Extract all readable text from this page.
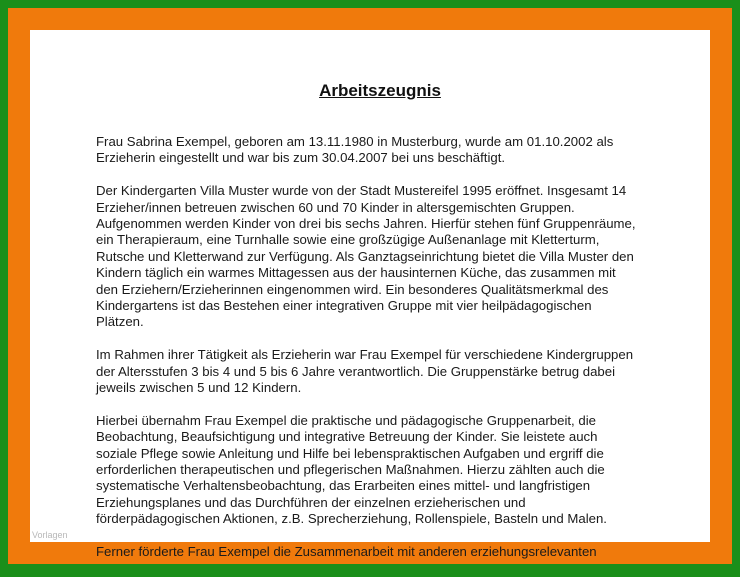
Arbeitszeugnis

Frau Sabrina Exempel, geboren am 13.11.1980 in Musterburg, wurde am 01.10.2002 als
Erzieherin eingestellt und war bis zum 30.04.2007 bei uns beschäftigt.

Der Kindergarten Villa Muster wurde von der Stadt Mustereifel 1995 eröffnet. Insgesamt 14
Erzieher/innen betreuen zwischen 60 und 70 Kinder in altersgemischten Gruppen.
Aufgenommen werden Kinder von drei bis sechs Jahren. Hierfür stehen fünf Gruppenräume,
ein Therapieraum, eine Turnhalle sowie eine großzügige Außenanlage mit Kletterturm,
Rutsche und Kletterwand zur Verfügung. Als Ganztagseinrichtung bietet die Villa Muster den
Kindern täglich ein warmes Mittagessen aus der hausinternen Küche, das zusammen mit
den Erziehern/Erzieherinnen eingenommen wird. Ein besonderes Qualitätsmerkmal des
Kindergartens ist das Bestehen einer integrativen Gruppe mit vier heilpädagogischen
Plätzen.

Im Rahmen ihrer Tätigkeit als Erzieherin war Frau Exempel für verschiedene Kindergruppen
der Altersstufen 3 bis 4 und 5 bis 6 Jahre verantwortlich. Die Gruppenstärke betrug dabei
jeweils zwischen 5 und 12 Kindern.

Hierbei übernahm Frau Exempel die praktische und pädagogische Gruppenarbeit, die
Beobachtung, Beaufsichtigung und integrative Betreuung der Kinder. Sie leistete auch
soziale Pflege sowie Anleitung und Hilfe bei lebenspraktischen Aufgaben und ergriff die
erforderlichen therapeutischen und pflegerischen Maßnahmen. Hierzu zählten auch die
systematische Verhaltensbeobachtung, das Erarbeiten eines mittel- und langfristigen
Erziehungsplanes und das Durchführen der einzelnen erzieherischen und
förderpädagogischen Aktionen, z.B. Sprecherziehung, Rollenspiele, Basteln und Malen.

Ferner förderte Frau Exempel die Zusammenarbeit mit anderen erziehungsrelevanten

Vorlagen
